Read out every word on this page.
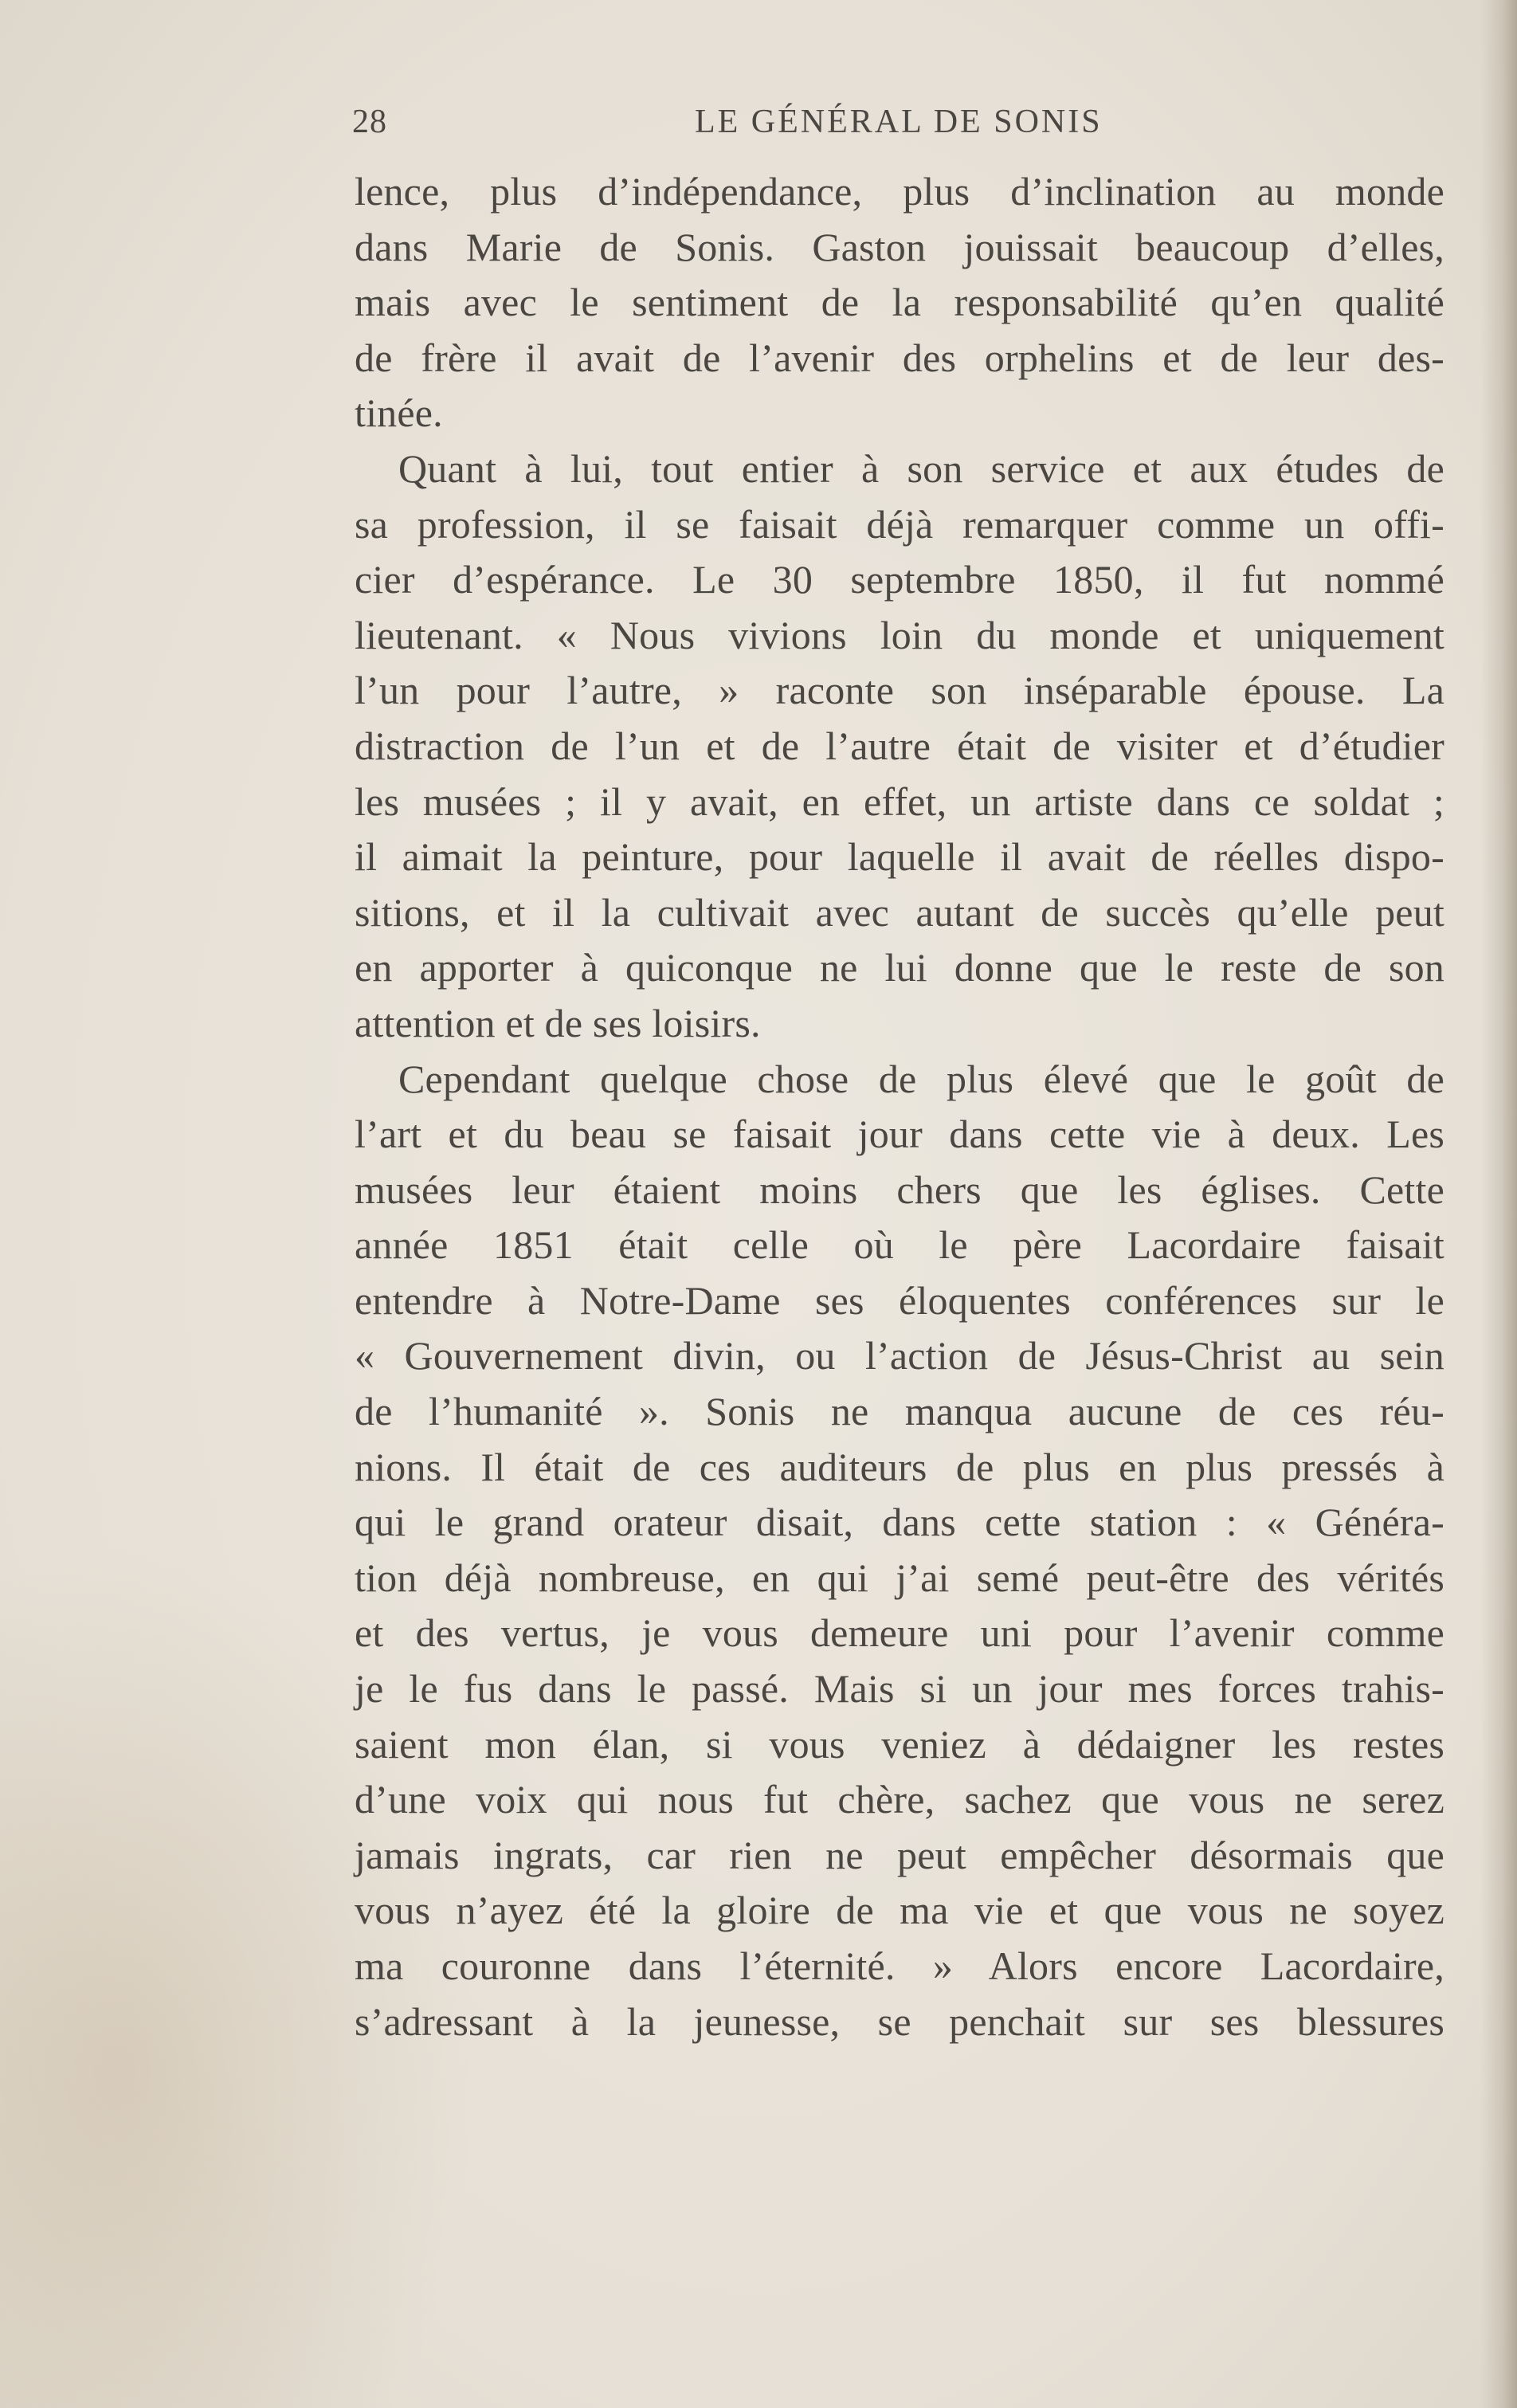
28	LE GÉNÉRAL DE SONIS
lence, plus d’indépendance, plus d’inclination au monde
dans Marie de Sonis. Gaston jouissait beaucoup d’elles,
mais avec le sentiment de la responsabilité qu’en qualité
de frère il avait de l’avenir des orphelins et de leur des-
tinée.
Quant à lui, tout entier à son service et aux études de
sa profession, il se faisait déjà remarquer comme un offi-
cier d’espérance. Le 30 septembre 1850, il fut nommé
lieutenant. « Nous vivions loin du monde et uniquement
l’un pour l’autre, » raconte son inséparable épouse. La
distraction de l’un et de l’autre était de visiter et d’étudier
les musées ; il y avait, en effet, un artiste dans ce soldat ;
il aimait la peinture, pour laquelle il avait de réelles dispo-
sitions, et il la cultivait avec autant de succès qu’elle peut
en apporter à quiconque ne lui donne que le reste de son
attention et de ses loisirs.
Cependant quelque chose de plus élevé que le goût de
l’art et du beau se faisait jour dans cette vie à deux. Les
musées leur étaient moins chers que les églises. Cette
année 1851 était celle où le père Lacordaire faisait
entendre à Notre-Dame ses éloquentes conférences sur le
« Gouvernement divin, ou l’action de Jésus-Christ au sein
de l’humanité ». Sonis ne manqua aucune de ces réu-
nions. Il était de ces auditeurs de plus en plus pressés à
qui le grand orateur disait, dans cette station : « Généra-
tion déjà nombreuse, en qui j’ai semé peut-être des vérités
et des vertus, je vous demeure uni pour l’avenir comme
je le fus dans le passé. Mais si un jour mes forces trahis-
saient mon élan, si vous veniez à dédaigner les restes
d’une voix qui nous fut chère, sachez que vous ne serez
jamais ingrats, car rien ne peut empêcher désormais que
vous n’ayez été la gloire de ma vie et que vous ne soyez
ma couronne dans l’éternité. » Alors encore Lacordaire,
s’adressant à la jeunesse, se penchait sur ses blessures
